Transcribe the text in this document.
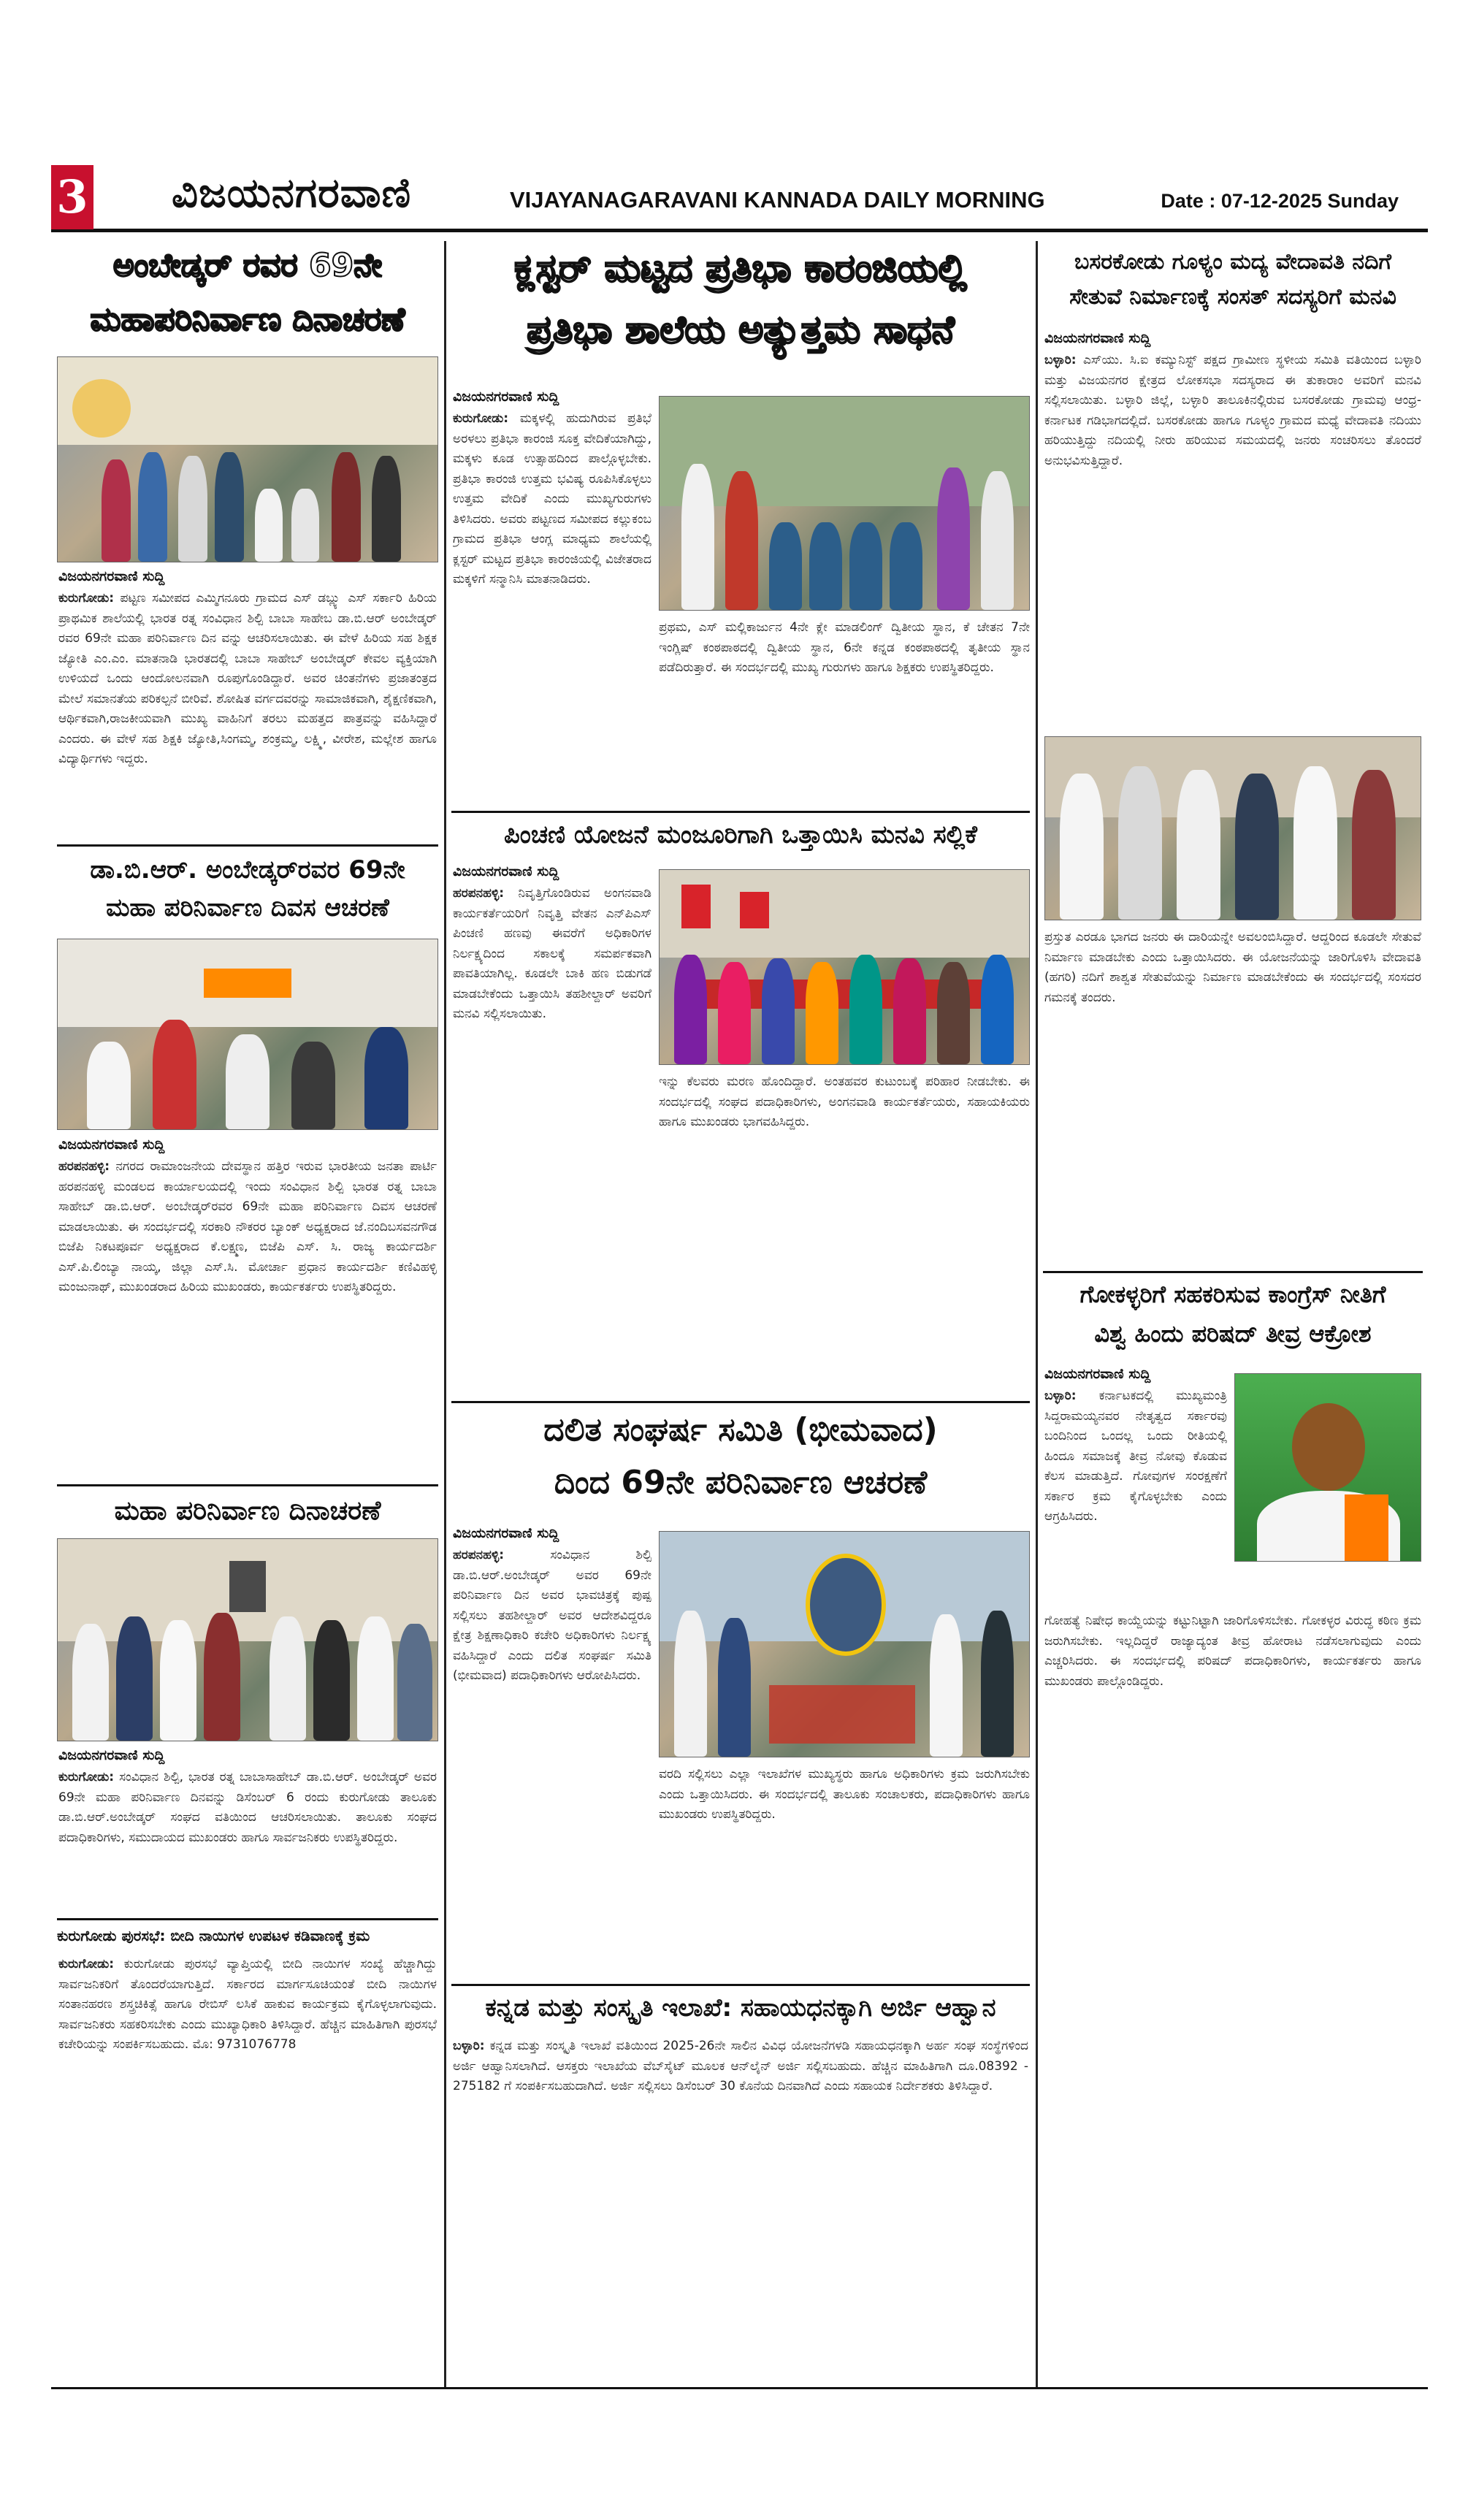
3 ವಿಜಯನಗರವಾಣಿ	VIJAYANAGARAVANI KANNADA DAILY MORNING	Date : 07-12-2025 Sunday
ಅಂಬೇಡ್ಕರ್ ರವರ 69ನೇ
ಮಹಾಪರಿನಿರ್ವಾಣ ದಿನಾಚರಣೆ
ವಿಜಯನಗರವಾಣಿ ಸುದ್ದಿ
ಕುರುಗೋಡು: ಪಟ್ಟಣ ಸಮೀಪದ ಎಮ್ಮಿಗನೂರು ಗ್ರಾಮದ ಎಸ್ ಡಬ್ಲ್ಯು ಎಸ್ ಸರ್ಕಾರಿ ಹಿರಿಯ ಪ್ರಾಥಮಿಕ ಶಾಲೆಯಲ್ಲಿ ಭಾರತ ರತ್ನ ಸಂವಿಧಾನ ಶಿಲ್ಪಿ ಬಾಬಾ ಸಾಹೇಬ ಡಾ.ಬಿ.ಆರ್ ಅಂಬೇಡ್ಕರ್ ರವರ 69ನೇ ಮಹಾ ಪರಿನಿರ್ವಾಣ ದಿನ ವನ್ನು ಆಚರಿಸಲಾಯಿತು. ಈ ವೇಳೆ ಹಿರಿಯ ಸಹ ಶಿಕ್ಷಕ ಜ್ಯೋತಿ ಎಂ.ಎಂ. ಮಾತನಾಡಿ ಭಾರತದಲ್ಲಿ ಬಾಬಾ ಸಾಹೇಬ್ ಅಂಬೇಡ್ಕರ್ ಕೇವಲ ವ್ಯಕ್ತಿಯಾಗಿ ಉಳಿಯದೆ ಒಂದು ಆಂದೋಲನವಾಗಿ ರೂಪುಗೊಂಡಿದ್ದಾರೆ. ಅವರ ಚಿಂತನೆಗಳು ಪ್ರಜಾತಂತ್ರದ ಮೇಲೆ ಸಮಾನತೆಯ ಪರಿಕಲ್ಪನೆ ಬೀರಿವೆ. ಶೋಷಿತ ವರ್ಗದವರನ್ನು ಸಾಮಾಜಿಕವಾಗಿ, ಶೈಕ್ಷಣಿಕವಾಗಿ, ಆರ್ಥಿಕವಾಗಿ,ರಾಜಕೀಯವಾಗಿ ಮುಖ್ಯ ವಾಹಿನಿಗೆ ತರಲು ಮಹತ್ತದ ಪಾತ್ರವನ್ನು ವಹಿಸಿದ್ದಾರೆ ಎಂದರು. ಈ ವೇಳೆ ಸಹ ಶಿಕ್ಷಕಿ ಜ್ಯೋತಿ,ಸಿಂಗಮ್ಮ, ಶಂಕ್ರಮ್ಮ, ಲಕ್ಷ್ಮಿ, ವೀರೇಶ, ಮಲ್ಲೇಶ ಹಾಗೂ ವಿದ್ಯಾರ್ಥಿಗಳು ಇದ್ದರು.
ಡಾ.ಬಿ.ಆರ್. ಅಂಬೇಡ್ಕರ್‌ರವರ 69ನೇ
ಮಹಾ ಪರಿನಿರ್ವಾಣ ದಿವಸ ಆಚರಣೆ
ವಿಜಯನಗರವಾಣಿ ಸುದ್ದಿ
ಹರಪನಹಳ್ಳಿ: ನಗರದ ರಾಮಾಂಜನೇಯ ದೇವಸ್ಥಾನ ಹತ್ತಿರ ಇರುವ ಭಾರತೀಯ ಜನತಾ ಪಾರ್ಟಿ ಹರಪನಹಳ್ಳಿ ಮಂಡಲದ ಕಾರ್ಯಾಲಯದಲ್ಲಿ ಇಂದು ಸಂವಿಧಾನ ಶಿಲ್ಪಿ ಭಾರತ ರತ್ನ ಬಾಬಾ ಸಾಹೇಬ್ ಡಾ.ಬಿ.ಆರ್. ಅಂಬೇಡ್ಕರ್‌ರವರ 69ನೇ ಮಹಾ ಪರಿನಿರ್ವಾಣ ದಿವಸ ಆಚರಣೆ ಮಾಡಲಾಯಿತು. ಈ ಸಂದರ್ಭದಲ್ಲಿ ಸರಕಾರಿ ನೌಕರರ ಬ್ಯಾಂಕ್ ಅಧ್ಯಕ್ಷರಾದ ಜೆ.ನಂದಿಬಸವನಗೌಡ ಬಿಜೆಪಿ ನಿಕಟಪೂರ್ವ ಅಧ್ಯಕ್ಷರಾದ ಕೆ.ಲಕ್ಷ್ಮಣ, ಬಿಜೆಪಿ ಎಸ್. ಸಿ. ರಾಜ್ಯ ಕಾರ್ಯದರ್ಶಿ ಎಸ್.ಪಿ.ಲಿಂಬ್ಯಾ ನಾಯ್ಕ, ಜಿಲ್ಲಾ ಎಸ್.ಸಿ. ಮೋರ್ಚಾ ಪ್ರಧಾನ ಕಾರ್ಯದರ್ಶಿ ಕಣಿವಿಹಳ್ಳಿ ಮಂಜುನಾಥ್, ಮುಖಂಡರಾದ ಹಿರಿಯ ಮುಖಂಡರು, ಕಾರ್ಯಕರ್ತರು ಉಪಸ್ಥಿತರಿದ್ದರು.
ಮಹಾ ಪರಿನಿರ್ವಾಣ ದಿನಾಚರಣೆ
ವಿಜಯನಗರವಾಣಿ ಸುದ್ದಿ
ಕುರುಗೋಡು: ಸಂವಿಧಾನ ಶಿಲ್ಪಿ, ಭಾರತ ರತ್ನ ಬಾಬಾಸಾಹೇಬ್ ಡಾ.ಬಿ.ಆರ್. ಅಂಬೇಡ್ಕರ್ ಅವರ 69ನೇ ಮಹಾ ಪರಿನಿರ್ವಾಣ ದಿನವನ್ನು ಡಿಸೆಂಬರ್ 6 ರಂದು ಕುರುಗೋಡು ತಾಲೂಕು ಡಾ.ಬಿ.ಆರ್.ಅಂಬೇಡ್ಕರ್ ಸಂಘದ ವತಿಯಿಂದ ಆಚರಿಸಲಾಯಿತು. ತಾಲೂಕು ಸಂಘದ ಪದಾಧಿಕಾರಿಗಳು, ಸಮುದಾಯದ ಮುಖಂಡರು ಹಾಗೂ ಸಾರ್ವಜನಿಕರು ಉಪಸ್ಥಿತರಿದ್ದರು.
ಕುರುಗೋಡು ಪುರಸಭೆ: ಬೀದಿ ನಾಯಿಗಳ ಉಪಟಳ ಕಡಿವಾಣಕ್ಕೆ ಕ್ರಮ
ಕುರುಗೋಡು: ಕುರುಗೋಡು ಪುರಸಭೆ ವ್ಯಾಪ್ತಿಯಲ್ಲಿ ಬೀದಿ ನಾಯಿಗಳ ಸಂಖ್ಯೆ ಹೆಚ್ಚಾಗಿದ್ದು ಸಾರ್ವಜನಿಕರಿಗೆ ತೊಂದರೆಯಾಗುತ್ತಿದೆ. ಸರ್ಕಾರದ ಮಾರ್ಗಸೂಚಿಯಂತೆ ಬೀದಿ ನಾಯಿಗಳ ಸಂತಾನಹರಣ ಶಸ್ತ್ರಚಿಕಿತ್ಸೆ ಹಾಗೂ ರೇಬಿಸ್ ಲಸಿಕೆ ಹಾಕುವ ಕಾರ್ಯಕ್ರಮ ಕೈಗೊಳ್ಳಲಾಗುವುದು. ಸಾರ್ವಜನಿಕರು ಸಹಕರಿಸಬೇಕು ಎಂದು ಮುಖ್ಯಾಧಿಕಾರಿ ತಿಳಿಸಿದ್ದಾರೆ. ಹೆಚ್ಚಿನ ಮಾಹಿತಿಗಾಗಿ ಪುರಸಭೆ ಕಚೇರಿಯನ್ನು ಸಂಪರ್ಕಿಸಬಹುದು. ಮೊ: 9731076778
ಕ್ಲಸ್ಟರ್ ಮಟ್ಟದ ಪ್ರತಿಭಾ ಕಾರಂಜಿಯಲ್ಲಿ
ಪ್ರತಿಭಾ ಶಾಲೆಯ ಅತ್ಯುತ್ತಮ ಸಾಧನೆ
ವಿಜಯನಗರವಾಣಿ ಸುದ್ದಿ
ಕುರುಗೋಡು: ಮಕ್ಕಳಲ್ಲಿ ಹುದುಗಿರುವ ಪ್ರತಿಭೆ ಅರಳಲು ಪ್ರತಿಭಾ ಕಾರಂಜಿ ಸೂಕ್ತ ವೇದಿಕೆಯಾಗಿದ್ದು, ಮಕ್ಕಳು ಕೂಡ ಉತ್ಸಾಹದಿಂದ ಪಾಲ್ಗೊಳ್ಳಬೇಕು. ಪ್ರತಿಭಾ ಕಾರಂಜಿ ಉತ್ತಮ ಭವಿಷ್ಯ ರೂಪಿಸಿಕೊಳ್ಳಲು ಉತ್ತಮ ವೇದಿಕೆ ಎಂದು ಮುಖ್ಯಗುರುಗಳು ತಿಳಿಸಿದರು. ಅವರು ಪಟ್ಟಣದ ಸಮೀಪದ ಕಲ್ಲುಕಂಬ ಗ್ರಾಮದ ಪ್ರತಿಭಾ ಆಂಗ್ಲ ಮಾಧ್ಯಮ ಶಾಲೆಯಲ್ಲಿ ಕ್ಲಸ್ಟರ್ ಮಟ್ಟದ ಪ್ರತಿಭಾ ಕಾರಂಜಿಯಲ್ಲಿ ವಿಜೇತರಾದ ಮಕ್ಕಳಿಗೆ ಸನ್ಮಾನಿಸಿ ಮಾತನಾಡಿದರು.
ಪ್ರಥಮ, ಎಸ್ ಮಲ್ಲಿಕಾರ್ಜುನ 4ನೇ ಕ್ಲೇ ಮಾಡಲಿಂಗ್ ದ್ವಿತೀಯ ಸ್ಥಾನ, ಕೆ ಚೇತನ 7ನೇ ಇಂಗ್ಲಿಷ್ ಕಂಠಪಾಠದಲ್ಲಿ ದ್ವಿತೀಯ ಸ್ಥಾನ, 6ನೇ ಕನ್ನಡ ಕಂಠಪಾಠದಲ್ಲಿ ತೃತೀಯ ಸ್ಥಾನ ಪಡೆದಿರುತ್ತಾರೆ. ಈ ಸಂದರ್ಭದಲ್ಲಿ ಮುಖ್ಯ ಗುರುಗಳು ಹಾಗೂ ಶಿಕ್ಷಕರು ಉಪಸ್ಥಿತರಿದ್ದರು.
ಪಿಂಚಣಿ ಯೋಜನೆ ಮಂಜೂರಿಗಾಗಿ ಒತ್ತಾಯಿಸಿ ಮನವಿ ಸಲ್ಲಿಕೆ
ವಿಜಯನಗರವಾಣಿ ಸುದ್ದಿ
ಹರಪನಹಳ್ಳಿ: ನಿವೃತ್ತಿಗೊಂಡಿರುವ ಅಂಗನವಾಡಿ ಕಾರ್ಯಕರ್ತೆಯರಿಗೆ ನಿವೃತ್ತಿ ವೇತನ ಎನ್‌ಪಿಎಸ್ ಪಿಂಚಣಿ ಹಣವು ಈವರೆಗೆ ಅಧಿಕಾರಿಗಳ ನಿರ್ಲಕ್ಷ್ಯದಿಂದ ಸಕಾಲಕ್ಕೆ ಸಮರ್ಪಕವಾಗಿ ಪಾವತಿಯಾಗಿಲ್ಲ. ಕೂಡಲೇ ಬಾಕಿ ಹಣ ಬಿಡುಗಡೆ ಮಾಡಬೇಕೆಂದು ಒತ್ತಾಯಿಸಿ ತಹಶೀಲ್ದಾರ್ ಅವರಿಗೆ ಮನವಿ ಸಲ್ಲಿಸಲಾಯಿತು.
ಇನ್ನು ಕೆಲವರು ಮರಣ ಹೊಂದಿದ್ದಾರೆ. ಅಂತಹವರ ಕುಟುಂಬಕ್ಕೆ ಪರಿಹಾರ ನೀಡಬೇಕು. ಈ ಸಂದರ್ಭದಲ್ಲಿ ಸಂಘದ ಪದಾಧಿಕಾರಿಗಳು, ಅಂಗನವಾಡಿ ಕಾರ್ಯಕರ್ತೆಯರು, ಸಹಾಯಕಿಯರು ಹಾಗೂ ಮುಖಂಡರು ಭಾಗವಹಿಸಿದ್ದರು.
ದಲಿತ ಸಂಘರ್ಷ ಸಮಿತಿ (ಭೀಮವಾದ)
ದಿಂದ 69ನೇ ಪರಿನಿರ್ವಾಣ ಆಚರಣೆ
ವಿಜಯನಗರವಾಣಿ ಸುದ್ದಿ
ಹರಪನಹಳ್ಳಿ:	ಸಂವಿಧಾನ ಶಿಲ್ಪಿ ಡಾ.ಬಿ.ಆರ್.ಅಂಬೇಡ್ಕರ್ ಅವರ 69ನೇ ಪರಿನಿರ್ವಾಣ ದಿನ ಅವರ ಭಾವಚಿತ್ರಕ್ಕೆ ಪುಷ್ಪ ಸಲ್ಲಿಸಲು ತಹಶೀಲ್ದಾರ್ ಅವರ ಆದೇಶವಿದ್ದರೂ ಕ್ಷೇತ್ರ ಶಿಕ್ಷಣಾಧಿಕಾರಿ ಕಚೇರಿ ಅಧಿಕಾರಿಗಳು ನಿರ್ಲಕ್ಷ್ಯ ವಹಿಸಿದ್ದಾರೆ ಎಂದು ದಲಿತ ಸಂಘರ್ಷ ಸಮಿತಿ (ಭೀಮವಾದ) ಪದಾಧಿಕಾರಿಗಳು ಆರೋಪಿಸಿದರು.
ವರದಿ ಸಲ್ಲಿಸಲು ಎಲ್ಲಾ ಇಲಾಖೆಗಳ ಮುಖ್ಯಸ್ಥರು ಹಾಗೂ ಅಧಿಕಾರಿಗಳು ಕ್ರಮ ಜರುಗಿಸಬೇಕು ಎಂದು ಒತ್ತಾಯಿಸಿದರು. ಈ ಸಂದರ್ಭದಲ್ಲಿ ತಾಲೂಕು ಸಂಚಾಲಕರು, ಪದಾಧಿಕಾರಿಗಳು ಹಾಗೂ ಮುಖಂಡರು ಉಪಸ್ಥಿತರಿದ್ದರು.
ಕನ್ನಡ ಮತ್ತು ಸಂಸ್ಕೃತಿ ಇಲಾಖೆ: ಸಹಾಯಧನಕ್ಕಾಗಿ ಅರ್ಜಿ ಆಹ್ವಾನ
ಬಳ್ಳಾರಿ: ಕನ್ನಡ ಮತ್ತು ಸಂಸ್ಕೃತಿ ಇಲಾಖೆ ವತಿಯಿಂದ 2025-26ನೇ ಸಾಲಿನ ವಿವಿಧ ಯೋಜನೆಗಳಡಿ ಸಹಾಯಧನಕ್ಕಾಗಿ ಅರ್ಹ ಸಂಘ ಸಂಸ್ಥೆಗಳಿಂದ ಅರ್ಜಿ ಆಹ್ವಾನಿಸಲಾಗಿದೆ. ಆಸಕ್ತರು ಇಲಾಖೆಯ ವೆಬ್‌ಸೈಟ್ ಮೂಲಕ ಆನ್‌ಲೈನ್ ಅರ್ಜಿ ಸಲ್ಲಿಸಬಹುದು. ಹೆಚ್ಚಿನ ಮಾಹಿತಿಗಾಗಿ ದೂ.08392 - 275182 ಗೆ ಸಂಪರ್ಕಿಸಬಹುದಾಗಿದೆ. ಅರ್ಜಿ ಸಲ್ಲಿಸಲು ಡಿಸೆಂಬರ್ 30 ಕೊನೆಯ ದಿನವಾಗಿದೆ ಎಂದು ಸಹಾಯಕ ನಿರ್ದೇಶಕರು ತಿಳಿಸಿದ್ದಾರೆ.
ಬಸರಕೋಡು ಗೂಳ್ಯಂ ಮದ್ಯ ವೇದಾವತಿ ನದಿಗೆ
ಸೇತುವೆ ನಿರ್ಮಾಣಕ್ಕೆ ಸಂಸತ್ ಸದಸ್ಯರಿಗೆ ಮನವಿ
ವಿಜಯನಗರವಾಣಿ ಸುದ್ದಿ
ಬಳ್ಳಾರಿ: ಎಸ್‌ಯು. ಸಿ.ಐ ಕಮ್ಯುನಿಸ್ಟ್ ಪಕ್ಷದ ಗ್ರಾಮೀಣ ಸ್ಥಳೀಯ ಸಮಿತಿ ವತಿಯಿಂದ ಬಳ್ಳಾರಿ ಮತ್ತು ವಿಜಯನಗರ ಕ್ಷೇತ್ರದ ಲೋಕಸಭಾ ಸದಸ್ಯರಾದ ಈ ತುಕಾರಾಂ ಅವರಿಗೆ ಮನವಿ ಸಲ್ಲಿಸಲಾಯಿತು. ಬಳ್ಳಾರಿ ಜಿಲ್ಲೆ, ಬಳ್ಳಾರಿ ತಾಲೂಕಿನಲ್ಲಿರುವ ಬಸರಕೋಡು ಗ್ರಾಮವು ಆಂಧ್ರ-ಕರ್ನಾಟಕ ಗಡಿಭಾಗದಲ್ಲಿದೆ. ಬಸರಕೋಡು ಹಾಗೂ ಗೂಳ್ಯಂ ಗ್ರಾಮದ ಮಧ್ಯೆ ವೇದಾವತಿ ನದಿಯು ಹರಿಯುತ್ತಿದ್ದು ನದಿಯಲ್ಲಿ ನೀರು ಹರಿಯುವ ಸಮಯದಲ್ಲಿ ಜನರು ಸಂಚರಿಸಲು ತೊಂದರೆ ಅನುಭವಿಸುತ್ತಿದ್ದಾರೆ.
ಪ್ರಸ್ತುತ ಎರಡೂ ಭಾಗದ ಜನರು ಈ ದಾರಿಯನ್ನೇ ಅವಲಂಬಿಸಿದ್ದಾರೆ. ಆದ್ದರಿಂದ ಕೂಡಲೇ ಸೇತುವೆ ನಿರ್ಮಾಣ ಮಾಡಬೇಕು ಎಂದು ಒತ್ತಾಯಿಸಿದರು. ಈ ಯೋಜನೆಯನ್ನು ಜಾರಿಗೊಳಿಸಿ ವೇದಾವತಿ (ಹಗರಿ) ನದಿಗೆ ಶಾಶ್ವತ ಸೇತುವೆಯನ್ನು ನಿರ್ಮಾಣ ಮಾಡಬೇಕೆಂದು ಈ ಸಂದರ್ಭದಲ್ಲಿ ಸಂಸದರ ಗಮನಕ್ಕೆ ತಂದರು.
ಗೋಕಳ್ಳರಿಗೆ ಸಹಕರಿಸುವ ಕಾಂಗ್ರೆಸ್ ನೀತಿಗೆ
ವಿಶ್ವ ಹಿಂದು ಪರಿಷದ್ ತೀವ್ರ ಆಕ್ರೋಶ
ವಿಜಯನಗರವಾಣಿ ಸುದ್ದಿ
ಬಳ್ಳಾರಿ: ಕರ್ನಾಟಕದಲ್ಲಿ ಮುಖ್ಯಮಂತ್ರಿ ಸಿದ್ದರಾಮಯ್ಯನವರ ನೇತೃತ್ವದ ಸರ್ಕಾರವು ಬಂದಿನಿಂದ ಒಂದಲ್ಲ ಒಂದು ರೀತಿಯಲ್ಲಿ ಹಿಂದೂ ಸಮಾಜಕ್ಕೆ ತೀವ್ರ ನೋವು ಕೊಡುವ ಕೆಲಸ ಮಾಡುತ್ತಿದೆ. ಗೋವುಗಳ ಸಂರಕ್ಷಣೆಗೆ ಸರ್ಕಾರ ಕ್ರಮ ಕೈಗೊಳ್ಳಬೇಕು ಎಂದು ಆಗ್ರಹಿಸಿದರು.
ಗೋಹತ್ಯೆ ನಿಷೇಧ ಕಾಯ್ದೆಯನ್ನು ಕಟ್ಟುನಿಟ್ಟಾಗಿ ಜಾರಿಗೊಳಿಸಬೇಕು. ಗೋಕಳ್ಳರ ವಿರುದ್ಧ ಕಠಿಣ ಕ್ರಮ ಜರುಗಿಸಬೇಕು. ಇಲ್ಲದಿದ್ದರೆ ರಾಜ್ಯಾದ್ಯಂತ ತೀವ್ರ ಹೋರಾಟ ನಡೆಸಲಾಗುವುದು ಎಂದು ಎಚ್ಚರಿಸಿದರು. ಈ ಸಂದರ್ಭದಲ್ಲಿ ಪರಿಷದ್ ಪದಾಧಿಕಾರಿಗಳು, ಕಾರ್ಯಕರ್ತರು ಹಾಗೂ ಮುಖಂಡರು ಪಾಲ್ಗೊಂಡಿದ್ದರು.
